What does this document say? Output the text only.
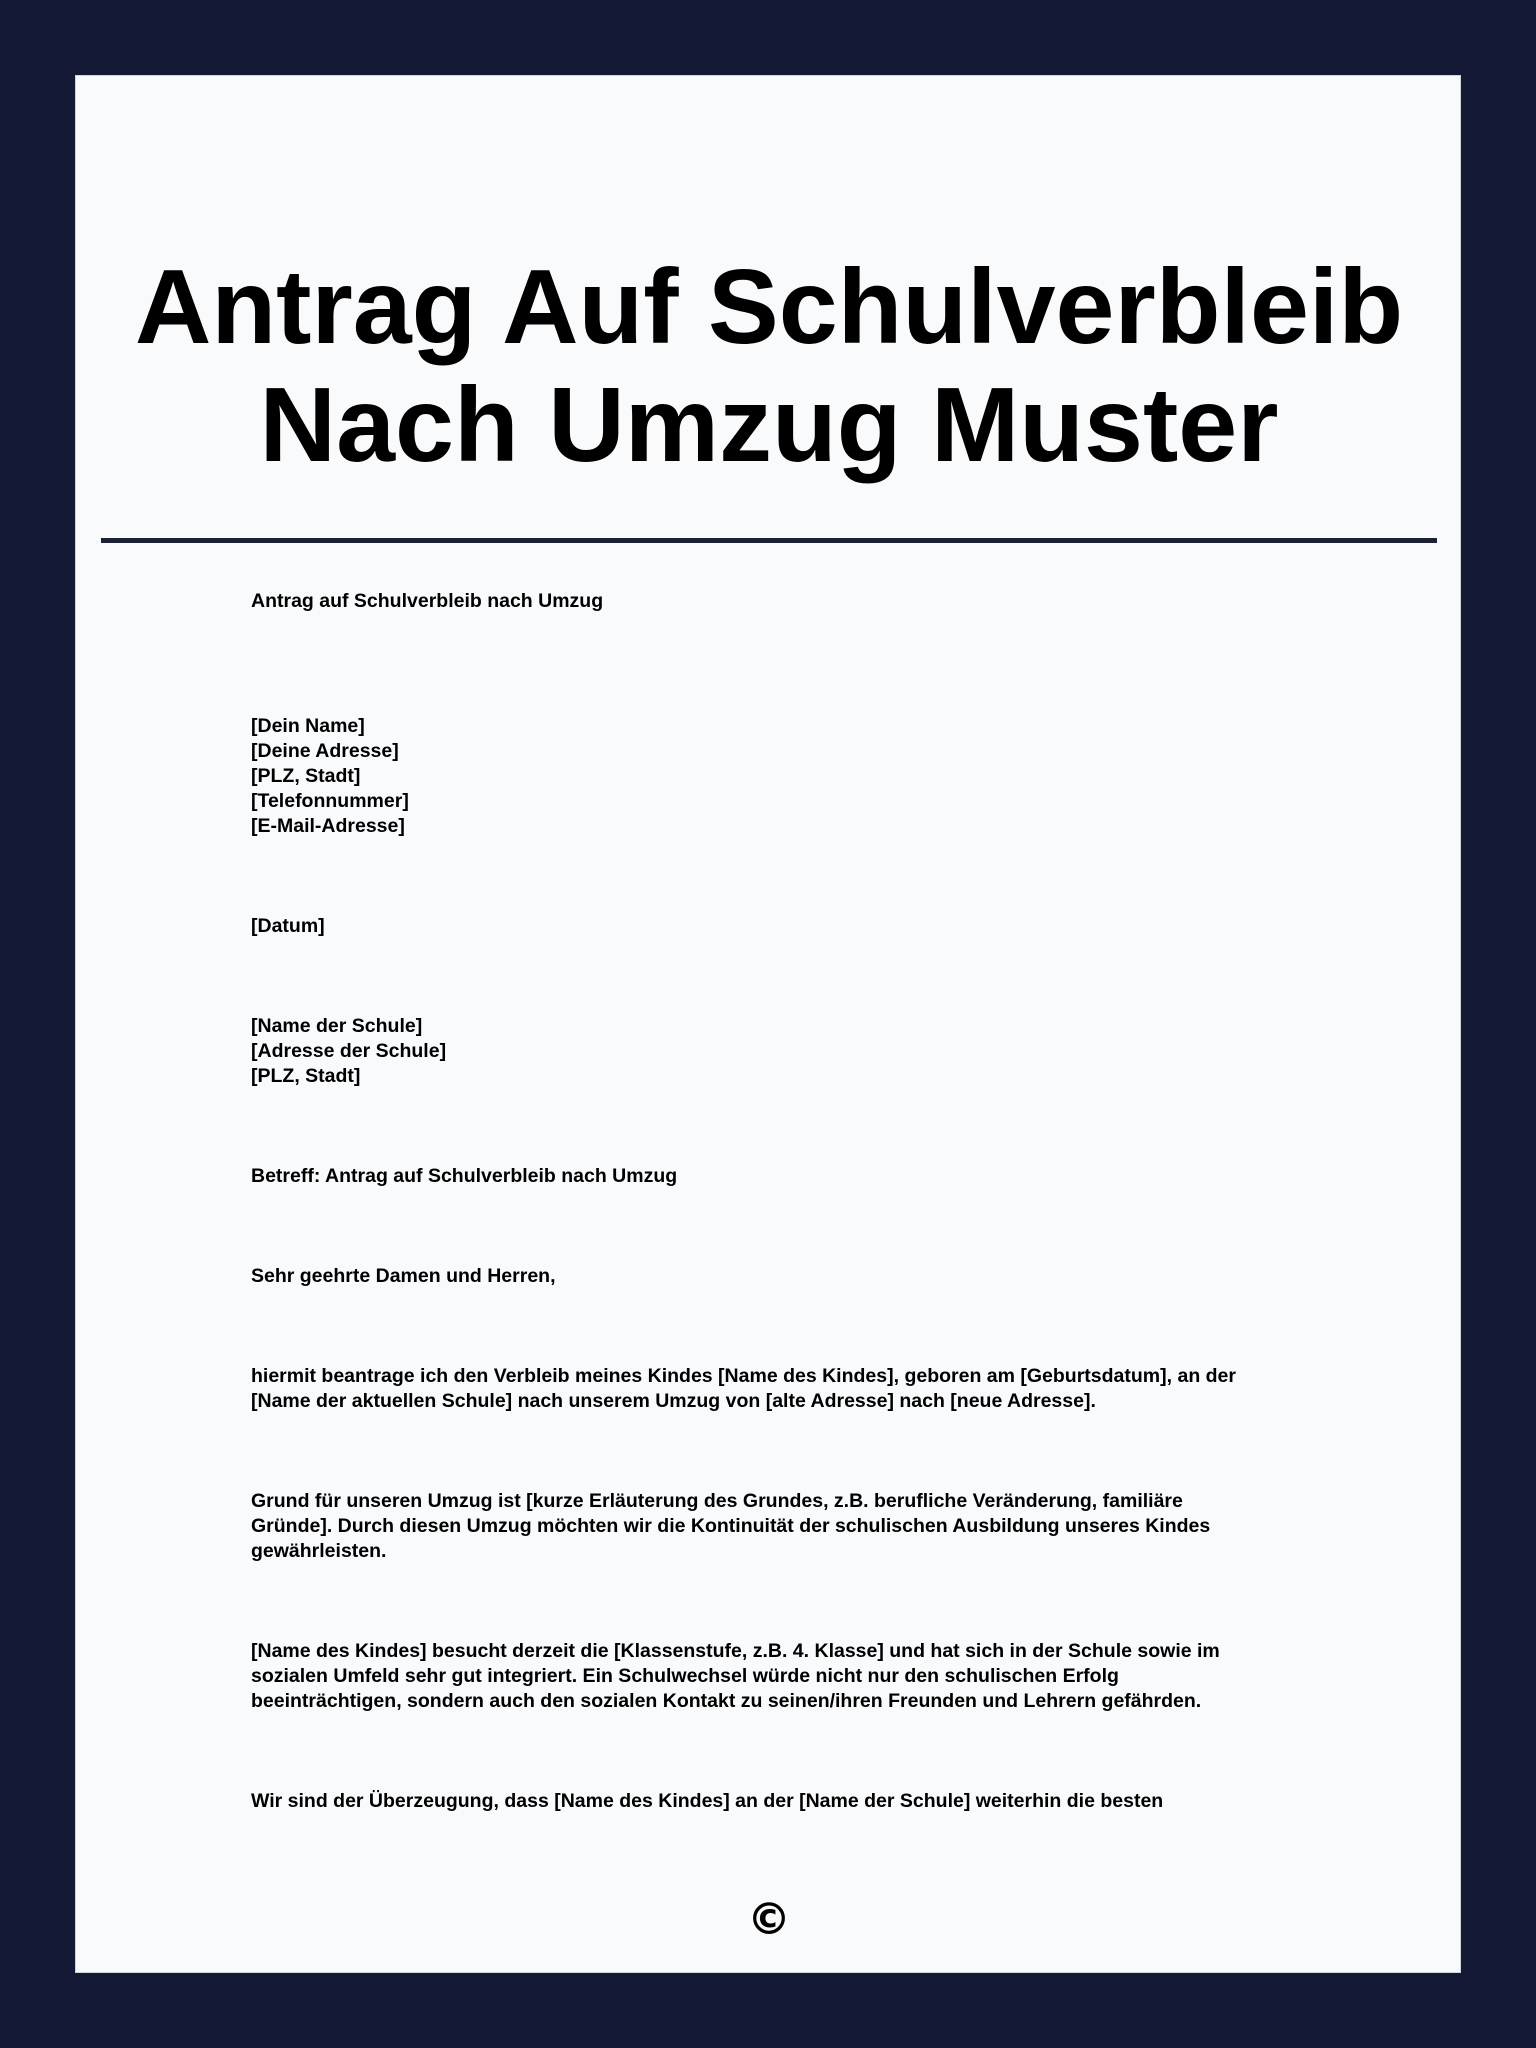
Antrag Auf Schulverbleib
Nach Umzug Muster
Antrag auf Schulverbleib nach Umzug
[Dein Name]
[Deine Adresse]
[PLZ, Stadt]
[Telefonnummer]
[E-Mail-Adresse]
[Datum]
[Name der Schule]
[Adresse der Schule]
[PLZ, Stadt]
Betreff: Antrag auf Schulverbleib nach Umzug
Sehr geehrte Damen und Herren,
hiermit beantrage ich den Verbleib meines Kindes [Name des Kindes], geboren am [Geburtsdatum], an der
[Name der aktuellen Schule] nach unserem Umzug von [alte Adresse] nach [neue Adresse].
Grund für unseren Umzug ist [kurze Erläuterung des Grundes, z.B. berufliche Veränderung, familiäre
Gründe]. Durch diesen Umzug möchten wir die Kontinuität der schulischen Ausbildung unseres Kindes
gewährleisten.
[Name des Kindes] besucht derzeit die [Klassenstufe, z.B. 4. Klasse] und hat sich in der Schule sowie im
sozialen Umfeld sehr gut integriert. Ein Schulwechsel würde nicht nur den schulischen Erfolg
beeinträchtigen, sondern auch den sozialen Kontakt zu seinen/ihren Freunden und Lehrern gefährden.
Wir sind der Überzeugung, dass [Name des Kindes] an der [Name der Schule] weiterhin die besten
©
